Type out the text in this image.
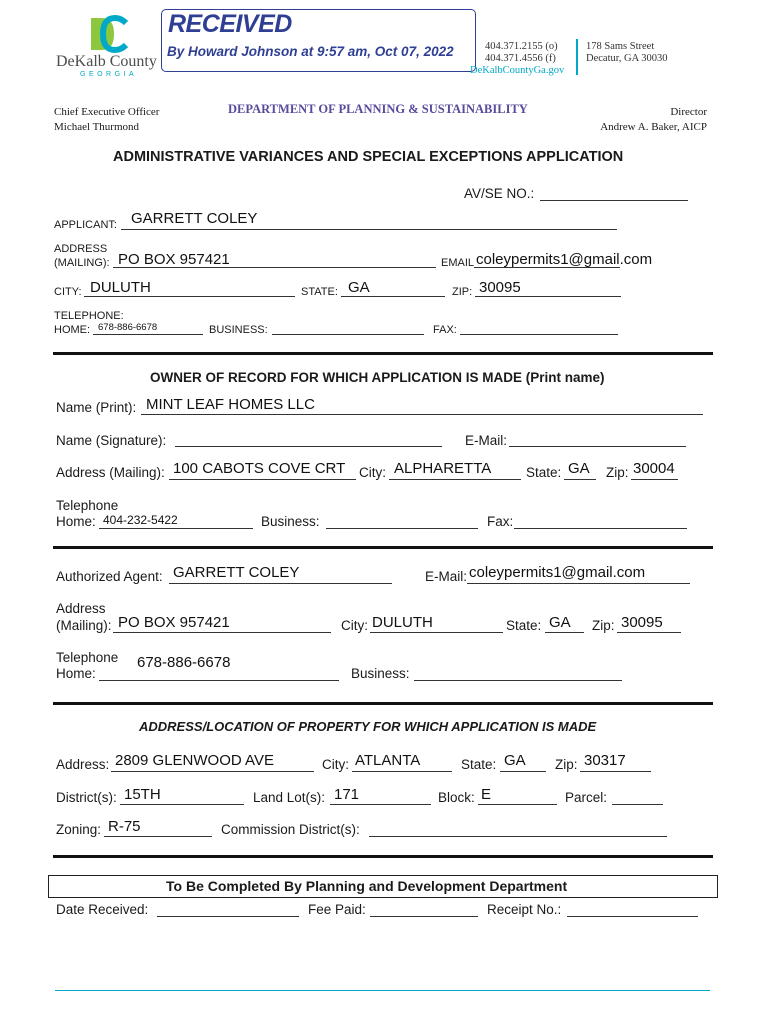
DeKalb County
GEORGIA
RECEIVED
By Howard Johnson at 9:57 am, Oct 07, 2022	404.371.2155 (o)
404.371.4556 (f)
DeKalbCountyGa.gov
178 Sams Street
Decatur, GA 30030
Chief Executive Officer
Michael Thurmond
DEPARTMENT OF PLANNING & SUSTAINABILITY	Director
Andrew A. Baker, AICP
ADMINISTRATIVE VARIANCES AND SPECIAL EXCEPTIONS APPLICATION
AV/SE NO.:
APPLICANT: GARRETT COLEY
ADDRESS
(MAILING): PO BOX 957421	EMAIL coleypermits1@gmail.com
CITY: DULUTH	STATE: GA	ZIP: 30095
TELEPHONE:
HOME: 678-886-6678	BUSINESS:	FAX:
OWNER OF RECORD FOR WHICH APPLICATION IS MADE (Print name)
Name (Print): MINT LEAF HOMES LLC
Name (Signature):	E-Mail:
Address (Mailing): 100 CABOTS COVE CRT City: ALPHARETTA	State: GA Zip: 30004
Telephone
Home: 404-232-5422	Business:	Fax:
Authorized Agent: GARRETT COLEY	E-Mail: coleypermits1@gmail.com
Address
(Mailing): PO BOX 957421	City: DULUTH	State: GA Zip: 30095
Telephone
Home:
678-886-6678
Business:
ADDRESS/LOCATION OF PROPERTY FOR WHICH APPLICATION IS MADE
Address: 2809 GLENWOOD AVE	City: ATLANTA	State: GA Zip: 30317
District(s): 15TH	Land Lot(s): 171	Block: E	Parcel:
Zoning: R-75	Commission District(s):
To Be Completed By Planning and Development Department
Date Received:	Fee Paid:	Receipt No.:
